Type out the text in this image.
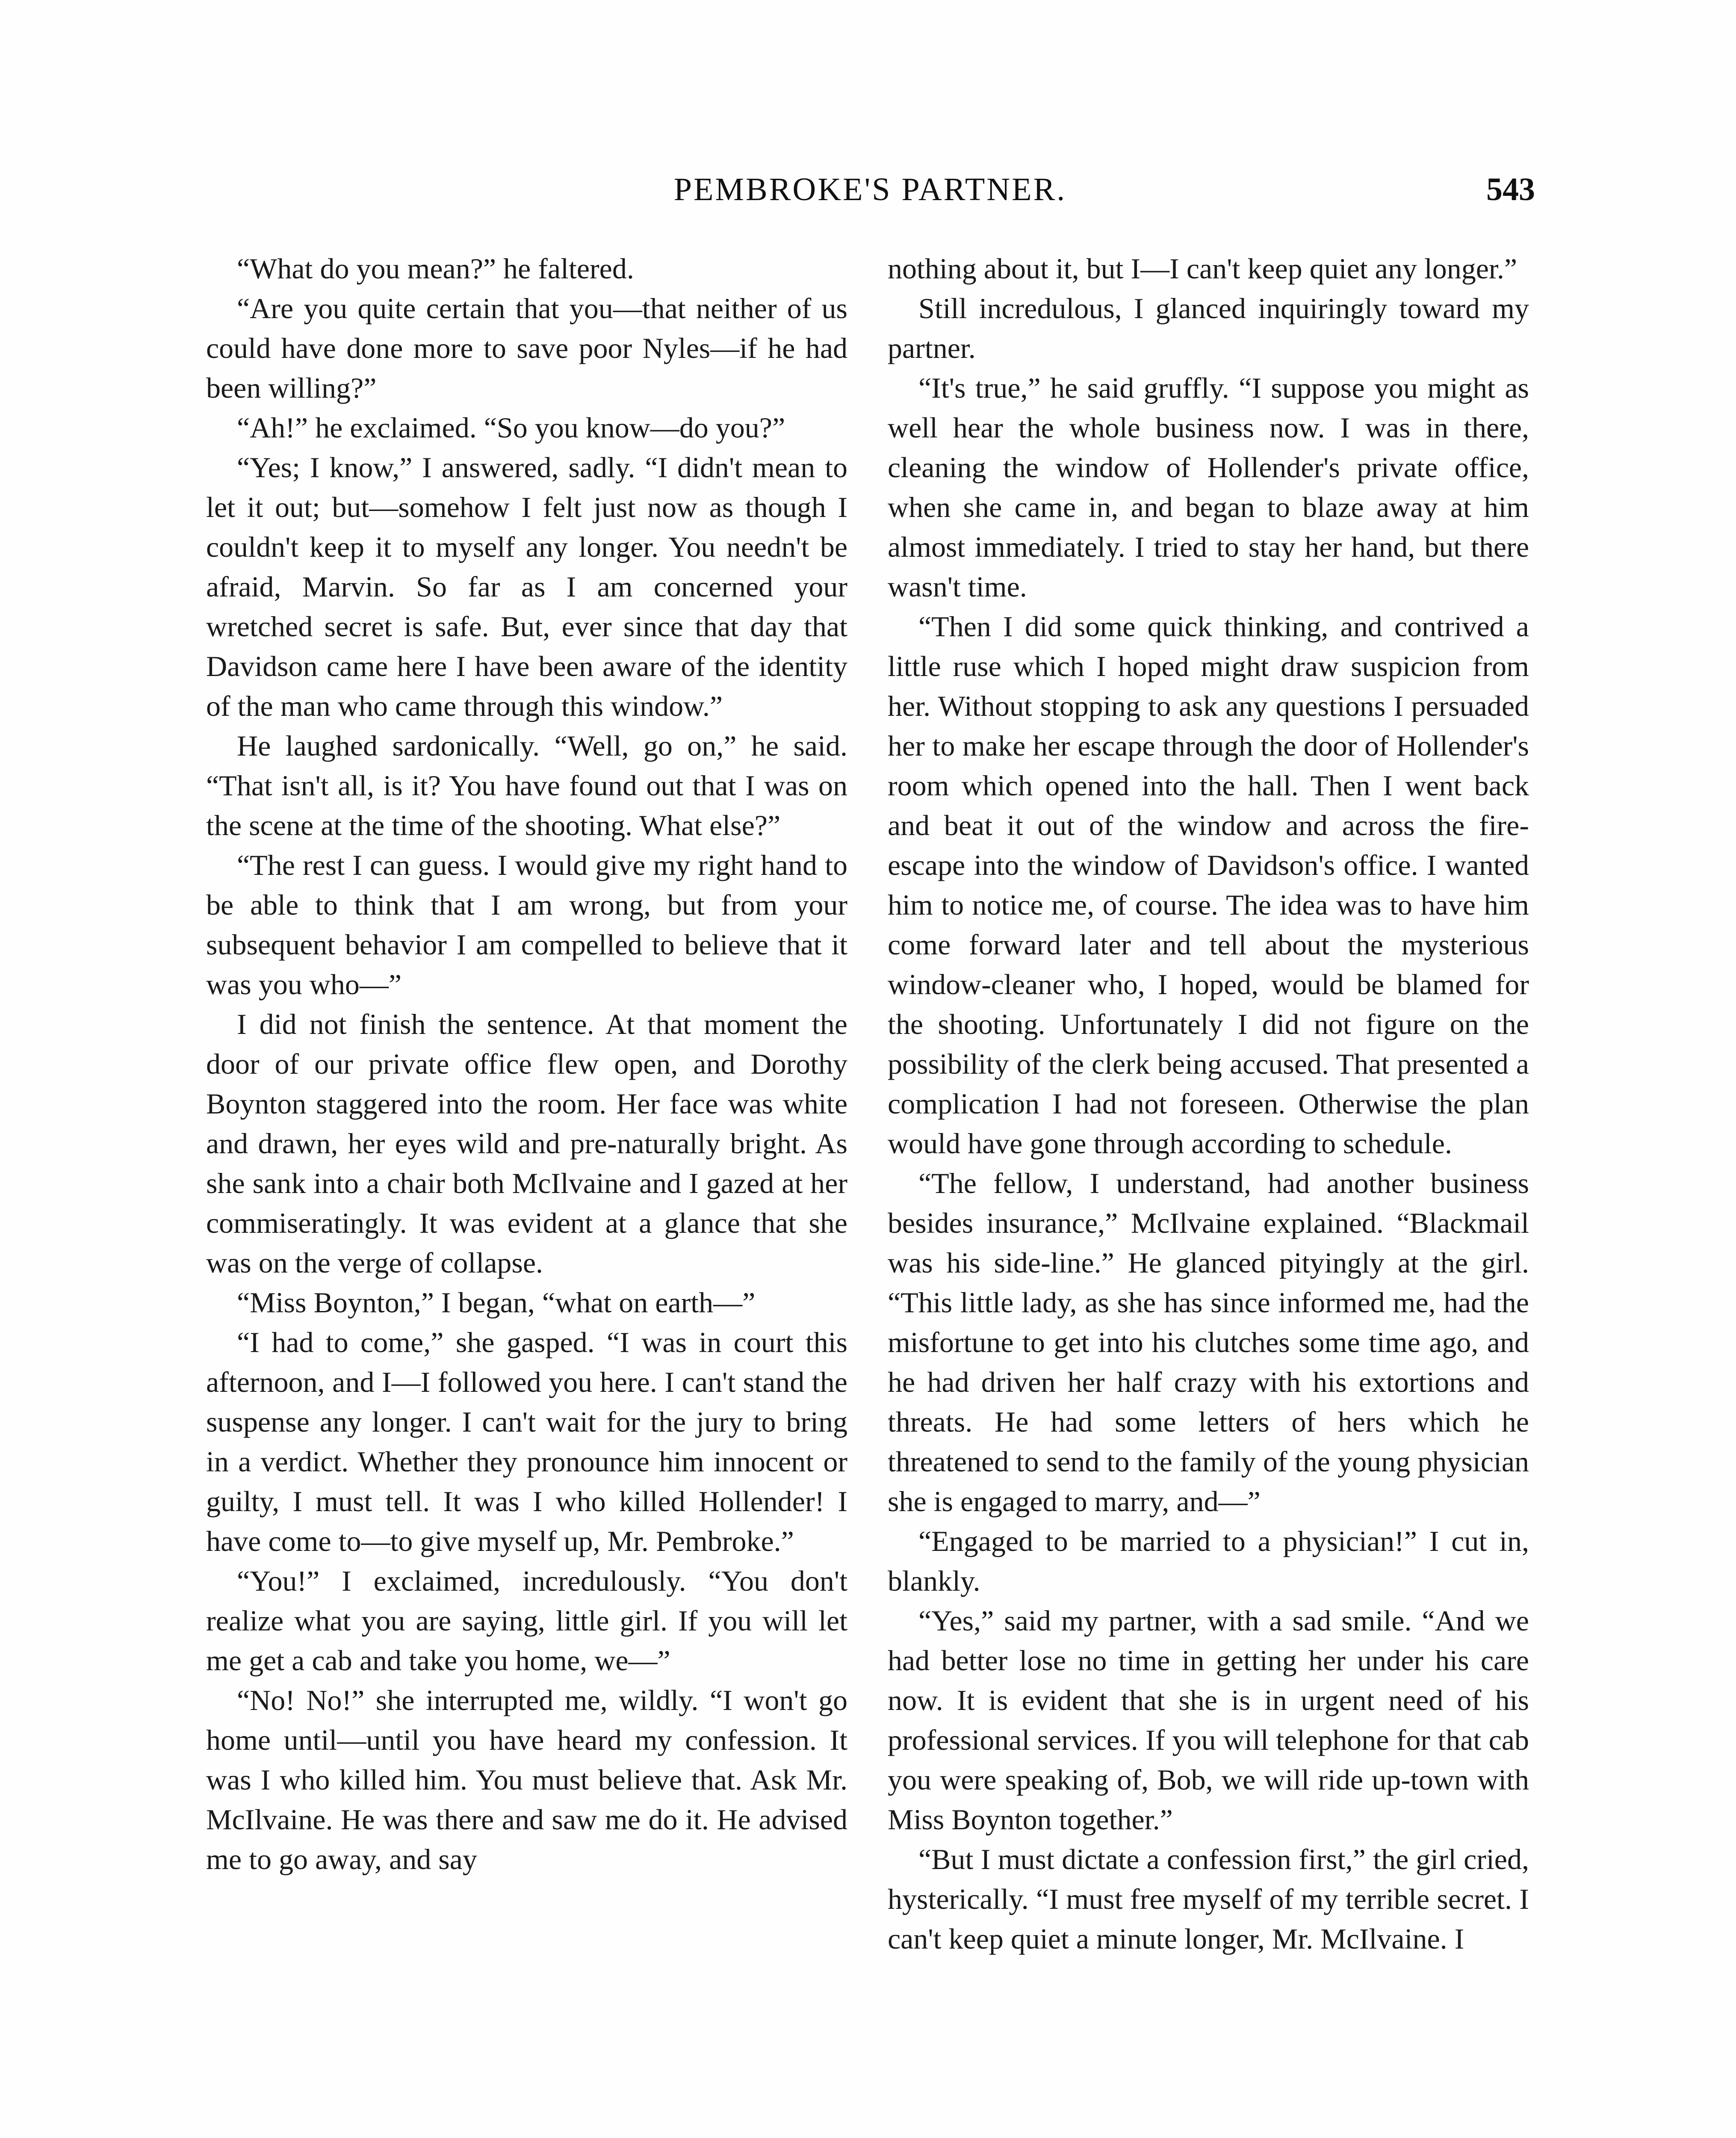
PEMBROKE'S PARTNER.	543

“What do you mean?” he faltered.

“Are you quite certain that you—that neither of us could have done more to save poor Nyles—if he had been willing?”

“Ah!” he exclaimed. “So you know—do you?”

“Yes; I know,” I answered, sadly. “I didn't mean to let it out; but—somehow I felt just now as though I couldn't keep it to myself any longer. You needn't be afraid, Marvin. So far as I am concerned your wretched secret is safe. But, ever since that day that Davidson came here I have been aware of the identity of the man who came through this window.”

He laughed sardonically. “Well, go on,” he said. “That isn't all, is it? You have found out that I was on the scene at the time of the shooting. What else?”

“The rest I can guess. I would give my right hand to be able to think that I am wrong, but from your subsequent behavior I am compelled to believe that it was you who—”

I did not finish the sentence. At that moment the door of our private office flew open, and Dorothy Boynton staggered into the room. Her face was white and drawn, her eyes wild and pre-naturally bright. As she sank into a chair both McIlvaine and I gazed at her commiseratingly. It was evident at a glance that she was on the verge of collapse.

“Miss Boynton,” I began, “what on earth—”

“I had to come,” she gasped. “I was in court this afternoon, and I—I followed you here. I can't stand the suspense any longer. I can't wait for the jury to bring in a verdict. Whether they pronounce him innocent or guilty, I must tell. It was I who killed Hollender! I have come to—to give myself up, Mr. Pembroke.”

“You!” I exclaimed, incredulously. “You don't realize what you are saying, little girl. If you will let me get a cab and take you home, we—”

“No! No!” she interrupted me, wildly. “I won't go home until—until you have heard my confession. It was I who killed him. You must believe that. Ask Mr. McIlvaine. He was there and saw me do it. He advised me to go away, and say

nothing about it, but I—I can't keep quiet any longer.”

Still incredulous, I glanced inquiringly toward my partner.

“It's true,” he said gruffly. “I suppose you might as well hear the whole business now. I was in there, cleaning the window of Hollender's private office, when she came in, and began to blaze away at him almost immediately. I tried to stay her hand, but there wasn't time.

“Then I did some quick thinking, and contrived a little ruse which I hoped might draw suspicion from her. Without stopping to ask any questions I persuaded her to make her escape through the door of Hollender's room which opened into the hall. Then I went back and beat it out of the window and across the fire-escape into the window of Davidson's office. I wanted him to notice me, of course. The idea was to have him come forward later and tell about the mysterious window-cleaner who, I hoped, would be blamed for the shooting. Unfortunately I did not figure on the possibility of the clerk being accused. That presented a complication I had not foreseen. Otherwise the plan would have gone through according to schedule.

“The fellow, I understand, had another business besides insurance,” McIlvaine explained. “Blackmail was his side-line.” He glanced pityingly at the girl. “This little lady, as she has since informed me, had the misfortune to get into his clutches some time ago, and he had driven her half crazy with his extortions and threats. He had some letters of hers which he threatened to send to the family of the young physician she is engaged to marry, and—”

“Engaged to be married to a physician!” I cut in, blankly.

“Yes,” said my partner, with a sad smile. “And we had better lose no time in getting her under his care now. It is evident that she is in urgent need of his professional services. If you will telephone for that cab you were speaking of, Bob, we will ride up-town with Miss Boynton together.”

“But I must dictate a confession first,” the girl cried, hysterically. “I must free myself of my terrible secret. I can't keep quiet a minute longer, Mr. McIlvaine. I
